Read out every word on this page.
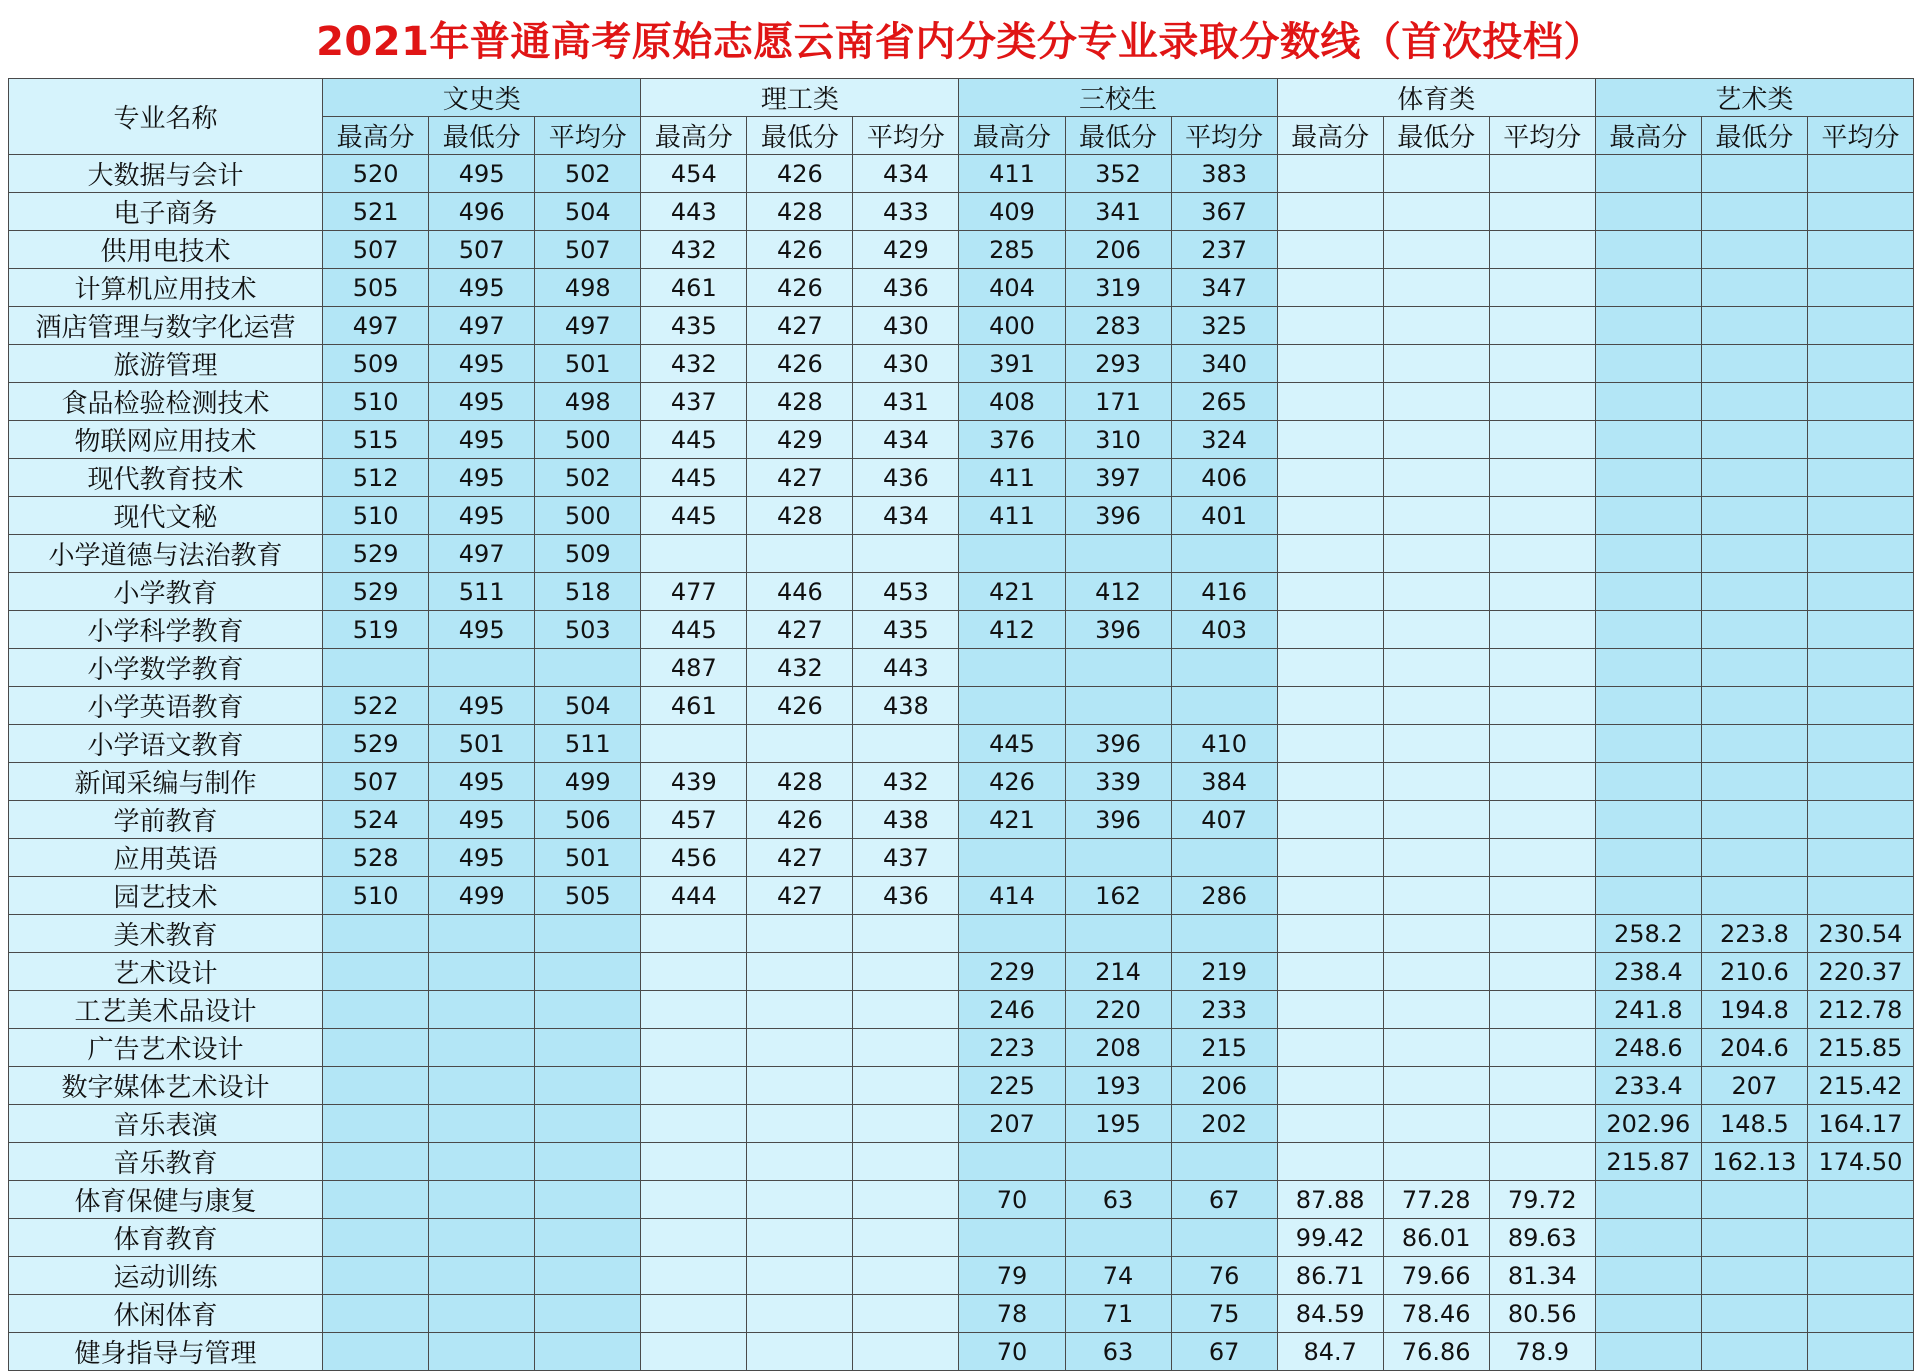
2021年普通高考原始志愿云南省内分类分专业录取分数线（首次投档）
专业名称	文史类			理工类			三校生			体育类			艺术类		
	最高分	最低分	平均分	最高分	最低分	平均分	最高分	最低分	平均分	最高分	最低分	平均分	最高分	最低分	平均分
大数据与会计	520	495	502	454	426	434	411	352	383						
电子商务	521	496	504	443	428	433	409	341	367						
供用电技术	507	507	507	432	426	429	285	206	237						
计算机应用技术	505	495	498	461	426	436	404	319	347						
酒店管理与数字化运营	497	497	497	435	427	430	400	283	325						
旅游管理	509	495	501	432	426	430	391	293	340						
食品检验检测技术	510	495	498	437	428	431	408	171	265						
物联网应用技术	515	495	500	445	429	434	376	310	324						
现代教育技术	512	495	502	445	427	436	411	397	406						
现代文秘	510	495	500	445	428	434	411	396	401						
小学道德与法治教育	529	497	509												
小学教育	529	511	518	477	446	453	421	412	416						
小学科学教育	519	495	503	445	427	435	412	396	403						
小学数学教育				487	432	443									
小学英语教育	522	495	504	461	426	438									
小学语文教育	529	501	511				445	396	410						
新闻采编与制作	507	495	499	439	428	432	426	339	384						
学前教育	524	495	506	457	426	438	421	396	407						
应用英语	528	495	501	456	427	437									
园艺技术	510	499	505	444	427	436	414	162	286						
美术教育													258.2	223.8	230.54
艺术设计							229	214	219				238.4	210.6	220.37
工艺美术品设计							246	220	233				241.8	194.8	212.78
广告艺术设计							223	208	215				248.6	204.6	215.85
数字媒体艺术设计							225	193	206				233.4	207	215.42
音乐表演							207	195	202				202.96	148.5	164.17
音乐教育													215.87	162.13	174.50
体育保健与康复							70	63	67	87.88	77.28	79.72			
体育教育										99.42	86.01	89.63			
运动训练							79	74	76	86.71	79.66	81.34			
休闲体育							78	71	75	84.59	78.46	80.56			
健身指导与管理							70	63	67	84.7	76.86	78.9			
